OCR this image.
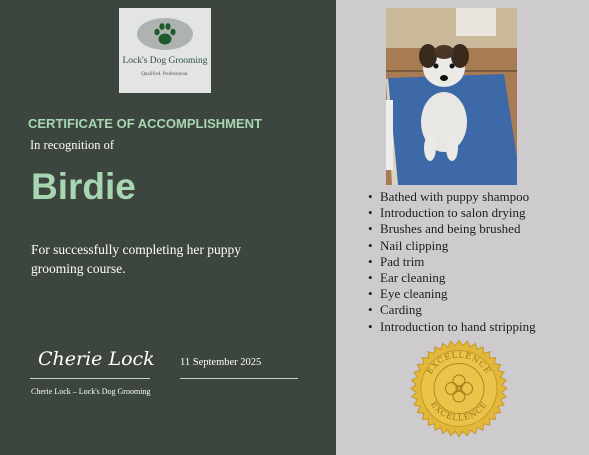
Lock's Dog Grooming
Qualified. Professional.
CERTIFICATE OF ACCOMPLISHMENT
In recognition of
Birdie
For successfully completing her puppy grooming course.
Cherie Lock
Cherie Lock – Lock's Dog Grooming
11 September 2025
• Bathed with puppy shampoo
• Introduction to salon drying
• Brushes and being brushed
• Nail clipping
• Pad trim
• Ear cleaning
• Eye cleaning
• Carding
• Introduction to hand stripping
EXCELLENCE
EXCELLENCE
